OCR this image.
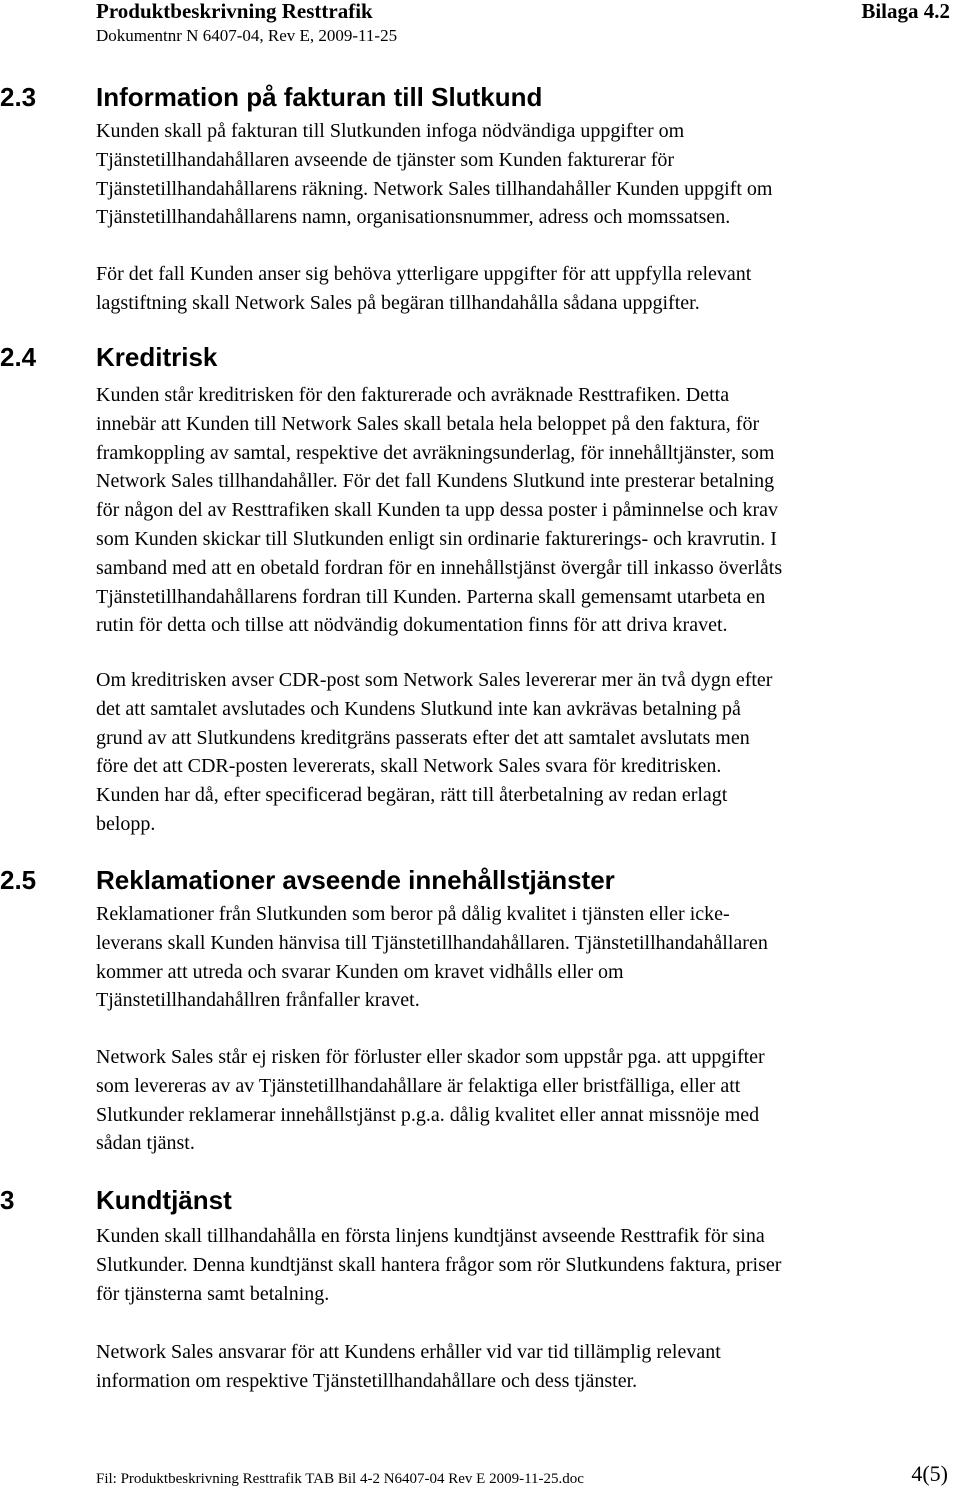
Produktbeskrivning Resttrafik	Bilaga 4.2
Dokumentnr N 6407-04, Rev E, 2009-11-25
2.3 Information på fakturan till Slutkund
Kunden skall på fakturan till Slutkunden infoga nödvändiga uppgifter om
Tjänstetillhandahållaren avseende de tjänster som Kunden fakturerar för
Tjänstetillhandahållarens räkning. Network Sales tillhandahåller Kunden uppgift om
Tjänstetillhandahållarens namn, organisationsnummer, adress och momssatsen.
För det fall Kunden anser sig behöva ytterligare uppgifter för att uppfylla relevant
lagstiftning skall Network Sales på begäran tillhandahålla sådana uppgifter.
2.4 Kreditrisk
Kunden står kreditrisken för den fakturerade och avräknade Resttrafiken. Detta
innebär att Kunden till Network Sales skall betala hela beloppet på den faktura, för
framkoppling av samtal, respektive det avräkningsunderlag, för innehålltjänster, som
Network Sales tillhandahåller. För det fall Kundens Slutkund inte presterar betalning
för någon del av Resttrafiken skall Kunden ta upp dessa poster i påminnelse och krav
som Kunden skickar till Slutkunden enligt sin ordinarie fakturerings- och kravrutin. I
samband med att en obetald fordran för en innehållstjänst övergår till inkasso överlåts
Tjänstetillhandahållarens fordran till Kunden. Parterna skall gemensamt utarbeta en
rutin för detta och tillse att nödvändig dokumentation finns för att driva kravet.
Om kreditrisken avser CDR-post som Network Sales levererar mer än två dygn efter
det att samtalet avslutades och Kundens Slutkund inte kan avkrävas betalning på
grund av att Slutkundens kreditgräns passerats efter det att samtalet avslutats men
före det att CDR-posten levererats, skall Network Sales svara för kreditrisken.
Kunden har då, efter specificerad begäran, rätt till återbetalning av redan erlagt
belopp.
2.5 Reklamationer avseende innehållstjänster
Reklamationer från Slutkunden som beror på dålig kvalitet i tjänsten eller icke-
leverans skall Kunden hänvisa till Tjänstetillhandahållaren. Tjänstetillhandahållaren
kommer att utreda och svarar Kunden om kravet vidhålls eller om
Tjänstetillhandahållren frånfaller kravet.
Network Sales står ej risken för förluster eller skador som uppstår pga. att uppgifter
som levereras av av Tjänstetillhandahållare är felaktiga eller bristfälliga, eller att
Slutkunder reklamerar innehållstjänst p.g.a. dålig kvalitet eller annat missnöje med
sådan tjänst.
3	Kundtjänst
Kunden skall tillhandahålla en första linjens kundtjänst avseende Resttrafik för sina
Slutkunder. Denna kundtjänst skall hantera frågor som rör Slutkundens faktura, priser
för tjänsterna samt betalning.
Network Sales ansvarar för att Kundens erhåller vid var tid tillämplig relevant
information om respektive Tjänstetillhandahållare och dess tjänster.
Fil: Produktbeskrivning Resttrafik TAB Bil 4-2 N6407-04 Rev E 2009-11-25.doc	4(5)
